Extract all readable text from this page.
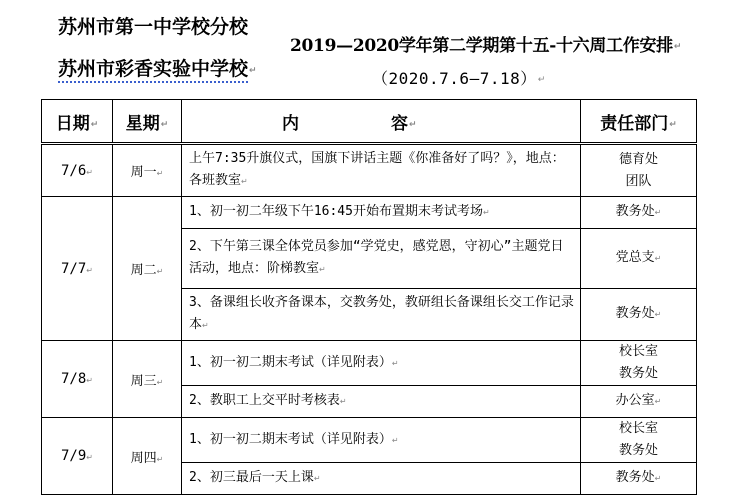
苏州市第一中学校分校
苏州市彩香实验中学校↵
2019—2020学年第二学期第十五-十六周工作安排↵
（2020.7.6—7.18）↵
日期↵	星期↵	内 容↵	责任部门↵
7/6↵	周一↵	上午7:35升旗仪式，国旗下讲话主题《你准备好了吗？》，地点：各班教室↵	德育处
团队

7/7↵	周二↵	1、初一初二年级下午16:45开始布置期末考试考场↵	教务处↵
		2、下午第三课全体党员参加“学党史，感党恩，守初心”主题党日活动，地点：阶梯教室↵	党总支↵
		3、备课组长收齐备课本，交教务处，教研组长备课组长交工作记录本↵	教务处↵
7/8↵	周三↵	1、初一初二期末考试（详见附表）↵	校长室
教务处

		2、教职工上交平时考核表↵	办公室↵
7/9↵	周四↵	1、初一初二期末考试（详见附表）↵	校长室
教务处

		2、初三最后一天上课↵	教务处↵
